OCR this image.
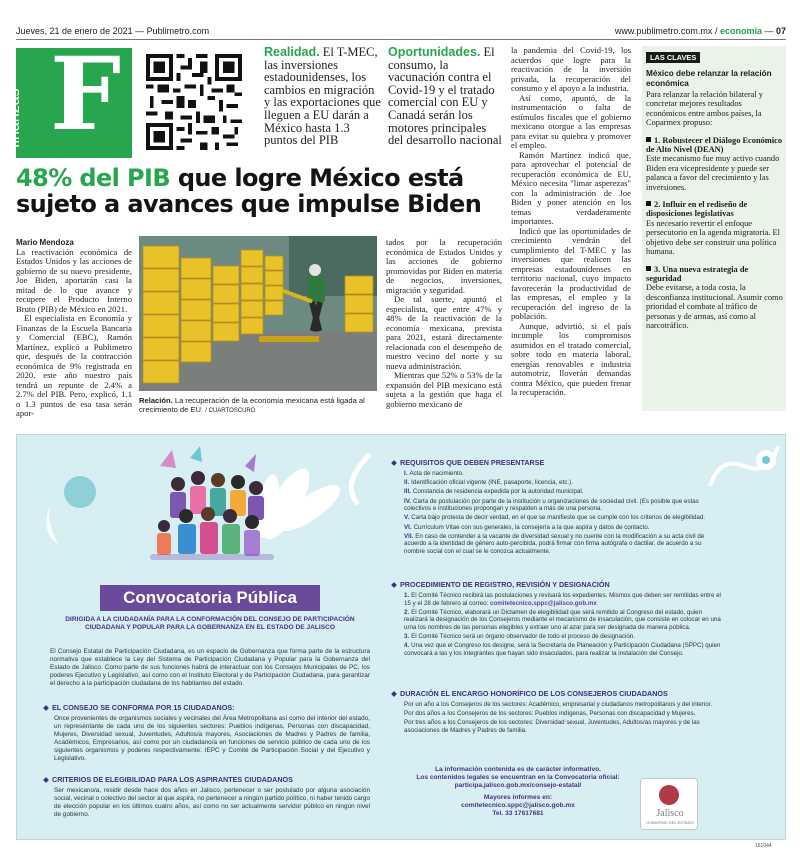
Jueves, 21 de enero de 2021 — Publimetro.com	www.publimetro.com.mx / economía — 07
finanzas F	Realidad. El T-MEC, las inversiones estadounidenses, los cambios en migración y las exportaciones que lleguen a EU darán a México hasta 1.3 puntos del PIB
Oportunidades. El consumo, la vacunación contra el Covid-19 y el tratado comercial con EU y Canadá serán los motores principales del desarrollo nacional
48% del PIB que logre México está sujeto a avances que impulse Biden
Mario Mendoza

La reactivación económica de Estados Unidos y las acciones de gobierno de su nuevo presidente, Joe Biden, aportarán casi la mitad de lo que avance y recupere el Producto Interno Bruto (PIB) de México en 2021.

El especialista en Economía y Finanzas de la Escuela Bancaria y Comercial (EBC), Ramón Martínez, explicó a Publimetro que, después de la contracción económica de 9% registrada en 2020, este año nuestro país tendrá un repunte de 2.4% a 2.7% del PIB. Pero, explicó, 1.1 o 1.3 puntos de esa tasa serán apor-

Relación. La recuperación de la economía mexicana está ligada al crecimiento de EU. / CUARTOSCURO

tados por la recuperación económica de Estados Unidos y las acciones de gobierno promovidas por Biden en materia de negocios, inversiones, migración y seguridad.

De tal suerte, apuntó el especialista, que entre 47% y 48% de la reactivación de la economía mexicana, prevista para 2021, estará directamente relacionada con el desempeño de nuestro vecino del norte y su nueva administración.

Mientras que 52% o 53% de la expansión del PIB mexicano está sujeta a la gestión que haga el gobierno mexicano de

la pandemia del Covid-19, los acuerdos que logre para la reactivación de la inversión privada, la recuperación del consumo y el apoyo a la industria.

Así como, apuntó, de la instrumentación o falta de estímulos fiscales que el gobierno mexicano otorgue a las empresas para evitar su quiebra y promover el empleo.

Ramón Martínez indicó que, para aprovechar el potencial de recuperación económica de EU, México necesita "limar asperezas" con la administración de Joe Biden y poner atención en los temas verdaderamente importantes.

Indicó que las oportunidades de crecimiento vendrán del cumplimiento del T-MEC y las inversiones que realicen las empresas estadounidenses en territorio nacional, cuyo impacto favorecerán la productividad de las empresas, el empleo y la recuperación del ingreso de la población.

Aunque, advirtió, si el país incumple los compromisos asumidos en el tratado comercial, sobre todo en materia laboral, energías renovables e industria automotriz, lloverán demandas contra México, que pueden frenar la recuperación.

LAS CLAVES
México debe relanzar la relación económica

Para relanzar la relación bilateral y concretar mejores resultados económicos entre ambos países, la Coparmex propuso:

1. Robustecer el Diálogo Económico de Alto Nivel (DEAN)

Este mecanismo fue muy activo cuando Biden era vicepresidente y puede ser palanca a favor del crecimiento y las inversiones.

2. Influir en el rediseño de disposiciones legislativas

Es necesario revertir el enfoque persecutorio en la agenda migratoria. El objetivo debe ser construir una política humana.

3. Una nueva estrategia de seguridad

Debe evitarse, a toda costa, la desconfianza institucional. Asumir como prioridad el combate al tráfico de personas y de armas, así como al narcotráfico.

Convocatoria Pública
DIRIGIDA A LA CIUDADANÍA PARA LA CONFORMACIÓN DEL CONSEJO DE PARTICIPACIÓN CIUDADANA Y POPULAR PARA LA GOBERNANZA EN EL ESTADO DE JALISCO
El Consejo Estatal de Participación Ciudadana, es un espacio de Gobernanza que forma parte de la estructura normativa que establece la Ley del Sistema de Participación Ciudadana y Popular para la Gobernanza del Estado de Jalisco. Como parte de sus funciones habrá de interactuar con los Consejos Municipales de PC, los poderes Ejecutivo y Legislativo, así como con el Instituto Electoral y de Participación Ciudadana, para garantizar el derecho a la participación ciudadana de los habitantes del estado.
EL CONSEJO SE CONFORMA POR 15 CIUDADANOS:
Once provenientes de organismos sociales y vecinales del Área Metropolitana así como del interior del estado, un representante de cada uno de los siguientes sectores: Pueblos indígenas, Personas con discapacidad, Mujeres, Diversidad sexual, Juventudes, Adultos/a mayores, Asociaciones de Madres y Padres de familia, Académicos, Empresarios, así como por un ciudadano/a en funciones de servicio público de cada uno de los siguientes organismos y poderes respectivamente: IEPC y Comité de Participación Social y del Ejecutivo y Legislativo.
CRITERIOS DE ELEGIBILIDAD PARA LOS ASPIRANTES CIUDADANOS
Ser mexicano/a, residir desde hace dos años en Jalisco, pertenecer o ser postulado por alguna asociación social, vecinal o colectivo del sector al que aspira, no pertenecer a ningún partido político, ni haber tenido cargo de elección popular en los últimos cuatro años, así como no ser actualmente servidor público en ningún nivel de gobierno.
REQUISITOS QUE DEBEN PRESENTARSE
I. Acta de nacimiento.
II. Identificación oficial vigente (INE, pasaporte, licencia, etc.).
III. Constancia de residencia expedida por la autoridad municipal.
IV. Carta de postulación por parte de la institución u organizaciones de sociedad civil. (Es posible que estas colectivos e instituciones propongan y respalden a más de una persona.
V. Carta bajo protesta de decir verdad, en el que se manifieste que se cumple con los criterios de elegibilidad.
VI. Currículum Vitae con sus generales, la consejería a la que aspira y datos de contacto.
VII. En caso de contender a la vacante de diversidad sexual y no cuente con la modificación a su acta civil de acuerdo a la identidad de género auto-percibida, podrá firmar con firma autógrafa o dactilar, de acuerdo a su nombre social con el cual se le conozca actualmente.
PROCEDIMIENTO DE REGISTRO, REVISIÓN Y DESIGNACIÓN
1. El Comité Técnico recibirá las postulaciones y revisará los expedientes. Mismos que deben ser remitidas entre el 15 y el 28 de febrero al correo: comitetecnico.sppc@jalisco.gob.mx
2. El Comité Técnico, elaborará un Dictamen de elegibilidad que será remitido al Congreso del estado, quien realizará la designación de los Consejeros mediante el mecanismo de insaculación, que consiste en colocar en una urna los nombres de las personas elegibles y extraer uno al azar para ser designada de manera pública.
3. El Comité Técnico será un órgano observador de todo el proceso de designación.
4. Una vez que el Congreso los designe, será la Secretaría de Planeación y Participación Ciudadana (SPPC) quien convocará a las y los integrantes que hayan sido insaculados, para realizar la instalación del Consejo.
DURACIÓN EL ENCARGO HONORÍFICO DE LOS CONSEJEROS CIUDADANOS
Por un año a los Consejeros de los sectores: Académico, empresarial y ciudadanos metropolitanos y del interior.
Por dos años a los Consejeros de los sectores: Pueblos indígenas, Personas con discapacidad y Mujeres.
Por tres años a los Consejeros de los sectores: Diversidad sexual, Juventudes, Adultos/as mayores y de las asociaciones de Madres y Padres de familia.
La información contenida es de carácter informativo.
Los contenidos legales se encuentran en la Convocatoria oficial:
participa.jalisco.gob.mx/consejo-estatal/
Mayores informes en:
comitetecnico.sppc@jalisco.gob.mx
Tel. 33 17617681	Jalisco
GOBIERNO DEL ESTADO
161044
